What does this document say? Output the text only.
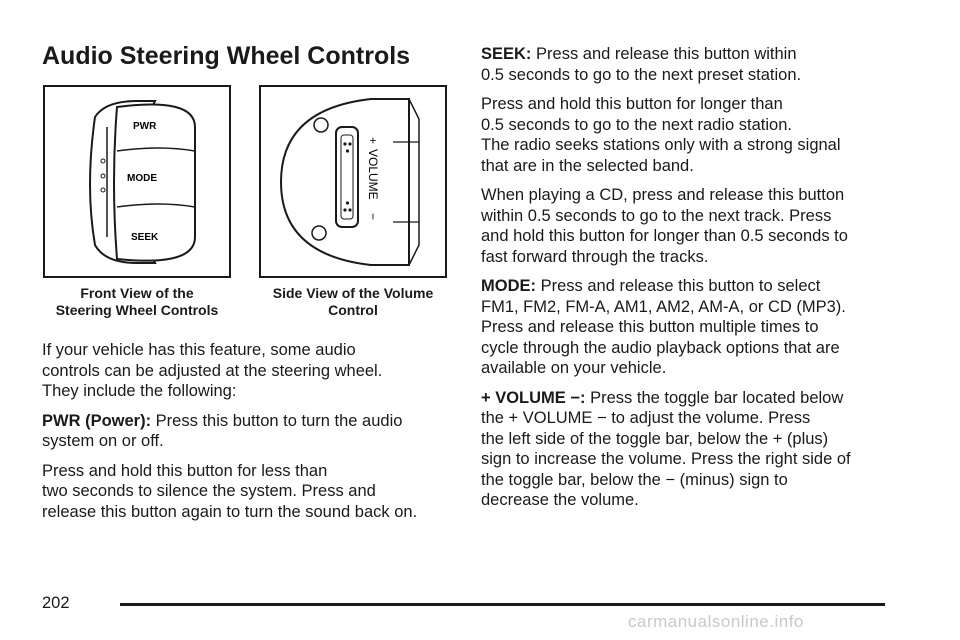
Audio Steering Wheel Controls
PWR
MODE
SEEK
+
VOLUME
−
Front View of the
Steering Wheel Controls
Side View of the Volume
Control

If your vehicle has this feature, some audio
controls can be adjusted at the steering wheel.
They include the following:

PWR (Power): Press this button to turn the audio
system on or off.

Press and hold this button for less than
two seconds to silence the system. Press and
release this button again to turn the sound back on.

SEEK: Press and release this button within
0.5 seconds to go to the next preset station.

Press and hold this button for longer than
0.5 seconds to go to the next radio station.
The radio seeks stations only with a strong signal
that are in the selected band.

When playing a CD, press and release this button
within 0.5 seconds to go to the next track. Press
and hold this button for longer than 0.5 seconds to
fast forward through the tracks.

MODE: Press and release this button to select
FM1, FM2, FM-A, AM1, AM2, AM-A, or CD (MP3).
Press and release this button multiple times to
cycle through the audio playback options that are
available on your vehicle.

+ VOLUME −: Press the toggle bar located below
the + VOLUME − to adjust the volume. Press
the left side of the toggle bar, below the + (plus)
sign to increase the volume. Press the right side of
the toggle bar, below the − (minus) sign to
decrease the volume.

202
carmanualsonline.info
